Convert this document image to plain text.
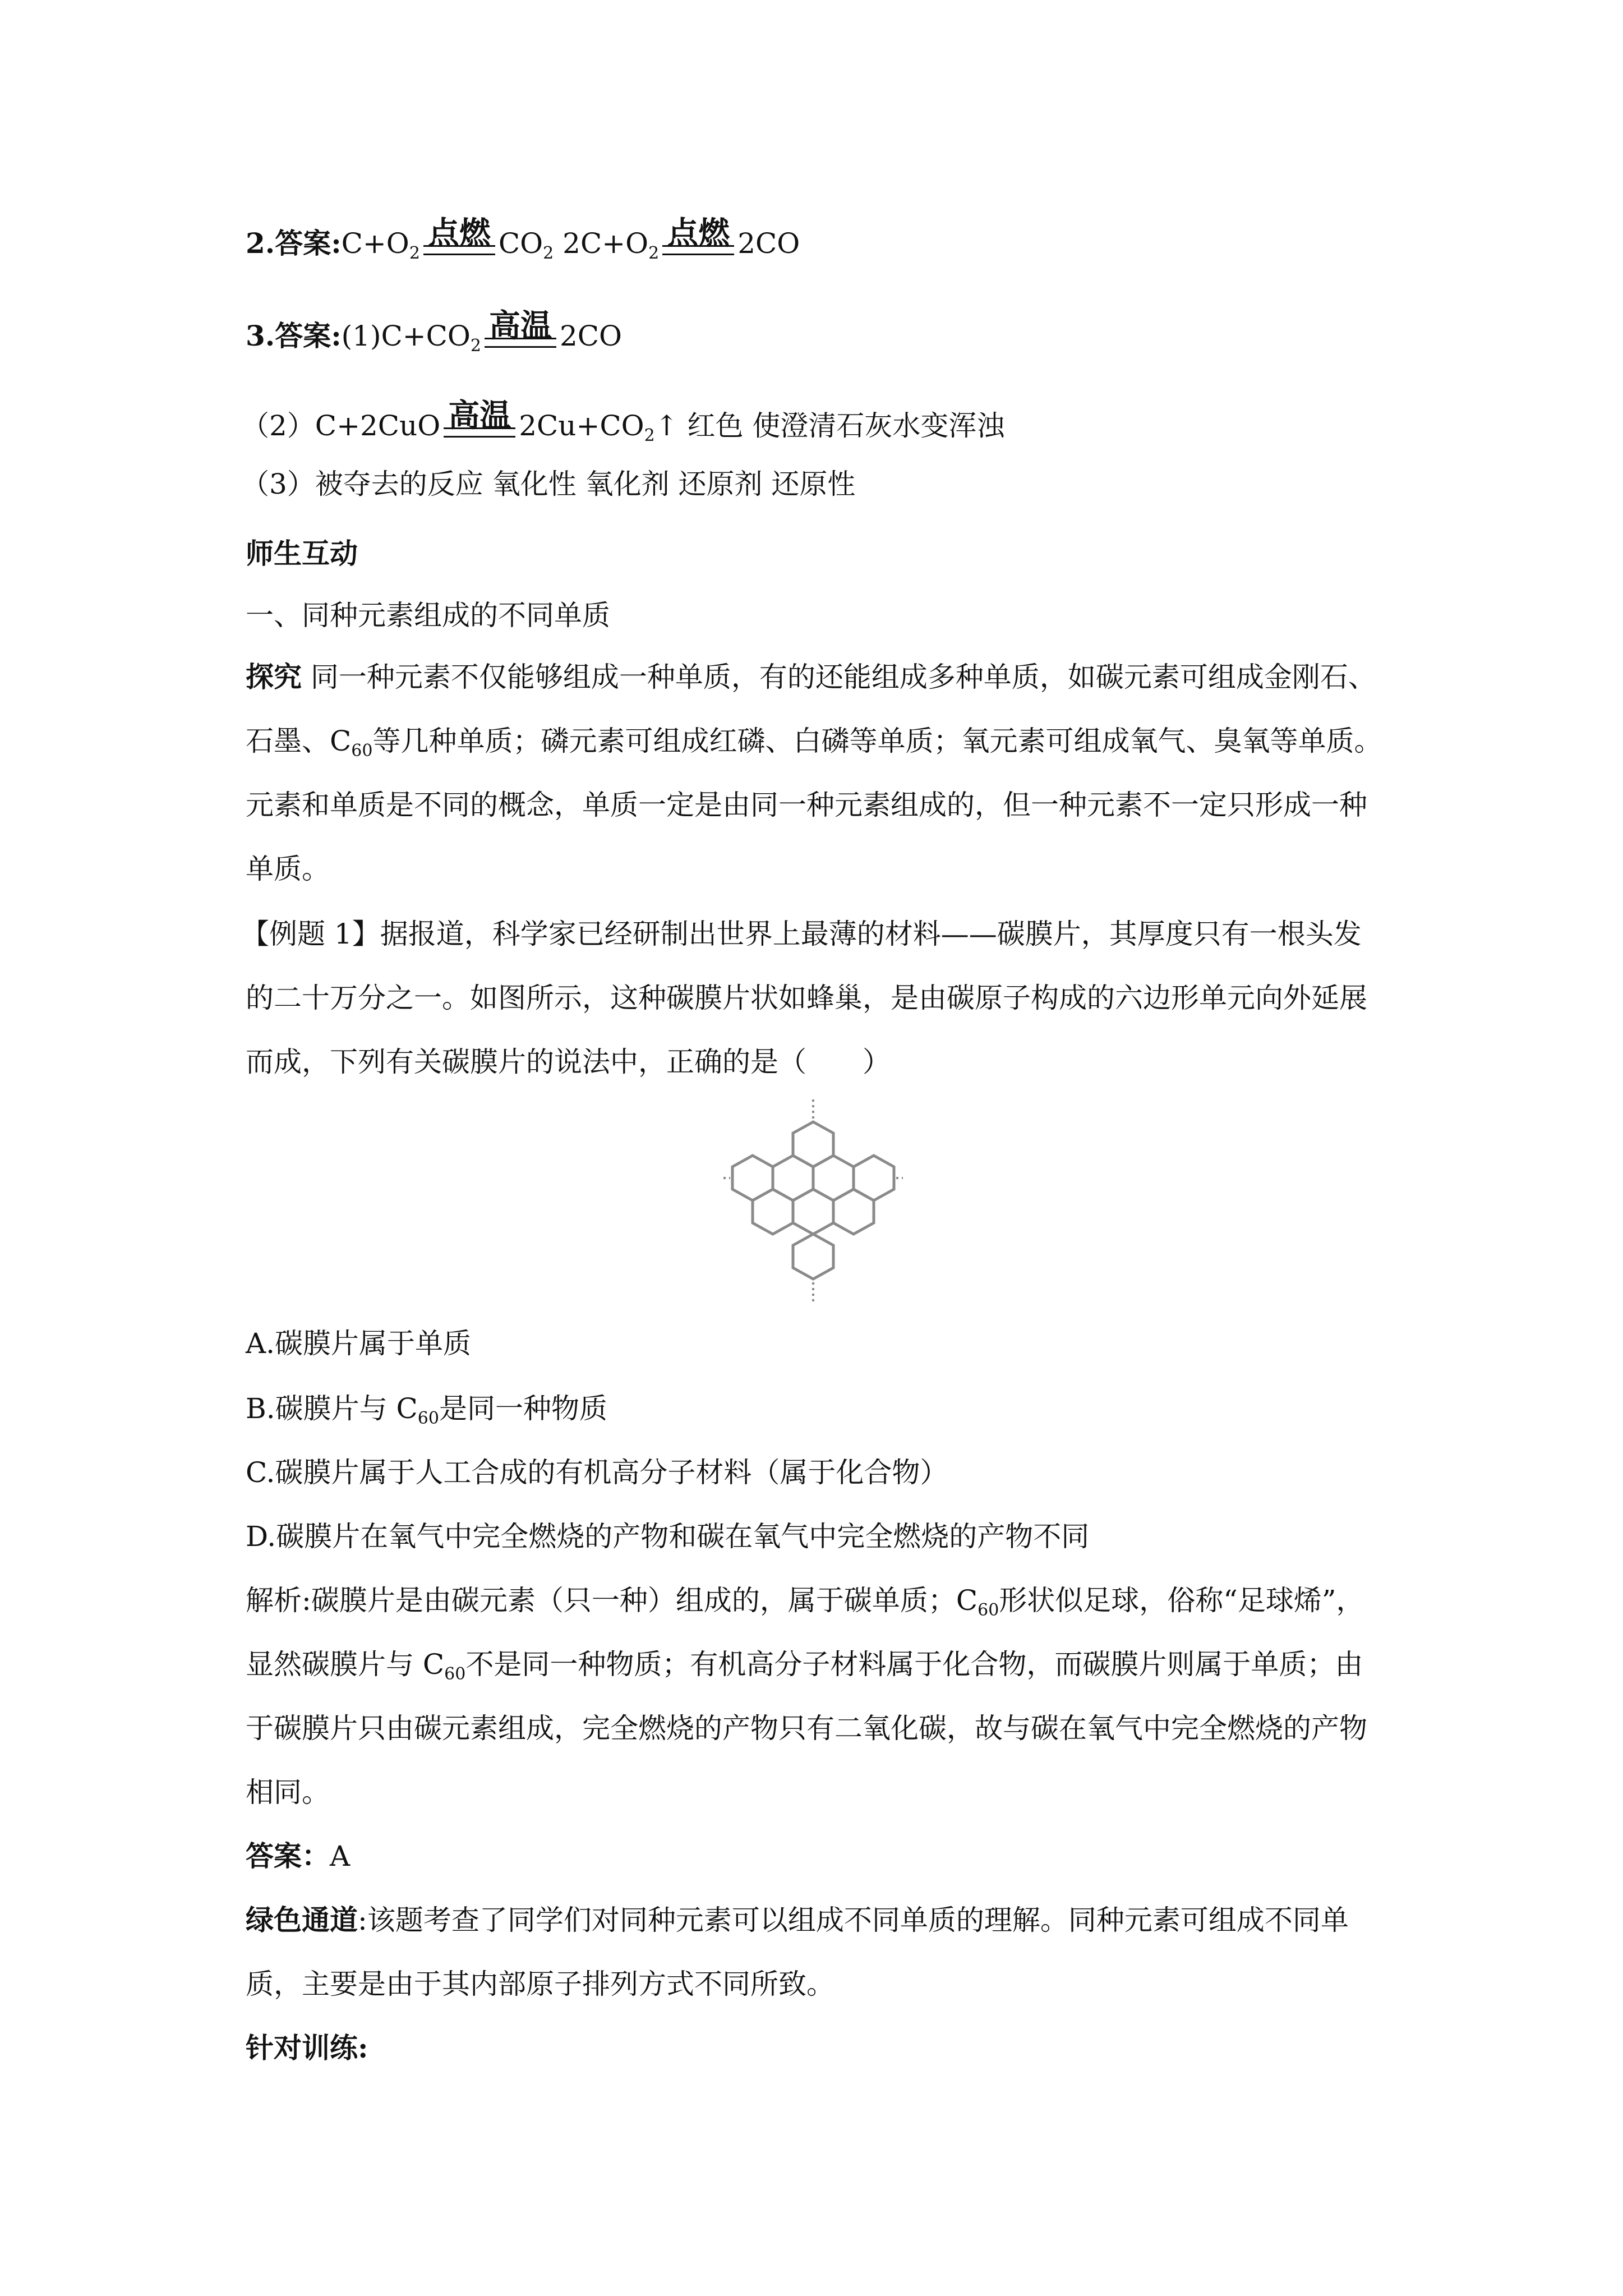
2.答案$:C+O_2$
点燃 $CO_2$ $2C+O_2$
点燃 2CO
3.答案$:(1)C+CO_2$
高温 2CO
（2）C+2CuO 高温 $2Cu+CO_2↑$ 红色 使澄清石灰水变浑浊
（3）被夺去的反应 氧化性 氧化剂 还原剂 还原性
师生互动
一、同种元素组成的不同单质
探究 同一种元素不仅能够组成一种单质，有的还能组成多种单质，如碳元素可组成金刚石、
石墨、$C_{60}$等几种单质；磷元素可组成红磷、白磷等单质；氧元素可组成氧气、臭氧等单质。
元素和单质是不同的概念，单质一定是由同一种元素组成的，但一种元素不一定只形成一种
单质。
【例题 1】据报道，科学家已经研制出世界上最薄的材料——碳膜片，其厚度只有一根头发
的二十万分之一。如图所示，这种碳膜片状如蜂巢，是由碳原子构成的六边形单元向外延展
而成，下列有关碳膜片的说法中，正确的是（　　）
A.碳膜片属于单质
B.碳膜片与 $C_{60}$是同一种物质
C.碳膜片属于人工合成的有机高分子材料（属于化合物）
D.碳膜片在氧气中完全燃烧的产物和碳在氧气中完全燃烧的产物不同
解析:碳膜片是由碳元素（只一种）组成的，属于碳单质；$C_{60}$形状似足球，俗称“足球烯”，
显然碳膜片与 $C_{60}$不是同一种物质；有机高分子材料属于化合物，而碳膜片则属于单质；由
于碳膜片只由碳元素组成，完全燃烧的产物只有二氧化碳，故与碳在氧气中完全燃烧的产物
相同。
答案：A
绿色通道:该题考查了同学们对同种元素可以组成不同单质的理解。同种元素可组成不同单
质，主要是由于其内部原子排列方式不同所致。
针对训练:
